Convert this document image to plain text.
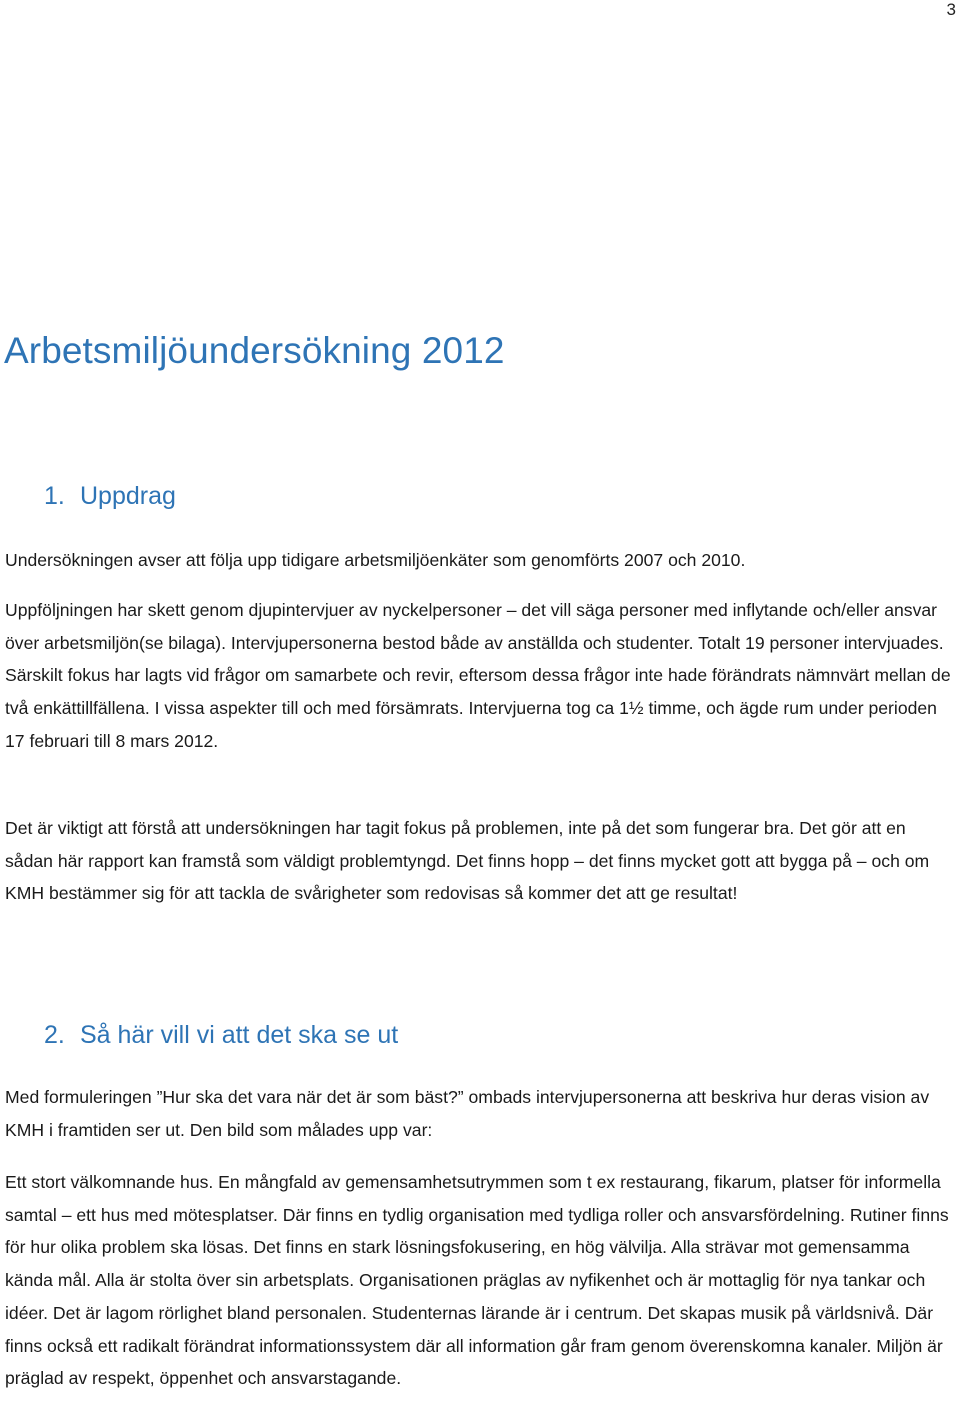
3
Arbetsmiljöundersökning 2012
1. Uppdrag

Undersökningen avser att följa upp tidigare arbetsmiljöenkäter som genomförts 2007 och 2010.

Uppföljningen har skett genom djupintervjuer av nyckelpersoner – det vill säga personer med inflytande och/eller ansvar över arbetsmiljön(se bilaga). Intervjupersonerna bestod både av anställda och studenter. Totalt 19 personer intervjuades. Särskilt fokus har lagts vid frågor om samarbete och revir, eftersom dessa frågor inte hade förändrats nämnvärt mellan de två enkättillfällena. I vissa aspekter till och med försämrats. Intervjuerna tog ca 1½ timme, och ägde rum under perioden 17 februari till 8 mars 2012.

Det är viktigt att förstå att undersökningen har tagit fokus på problemen, inte på det som fungerar bra. Det gör att en sådan här rapport kan framstå som väldigt problemtyngd. Det finns hopp – det finns mycket gott att bygga på – och om KMH bestämmer sig för att tackla de svårigheter som redovisas så kommer det att ge resultat!

2. Så här vill vi att det ska se ut

Med formuleringen ”Hur ska det vara när det är som bäst?” ombads intervjupersonerna att beskriva hur deras vision av KMH i framtiden ser ut. Den bild som målades upp var:

Ett stort välkomnande hus. En mångfald av gemensamhetsutrymmen som t ex restaurang, fikarum, platser för informella samtal – ett hus med mötesplatser. Där finns en tydlig organisation med tydliga roller och ansvarsfördelning. Rutiner finns för hur olika problem ska lösas. Det finns en stark lösningsfokusering, en hög välvilja. Alla strävar mot gemensamma kända mål. Alla är stolta över sin arbetsplats. Organisationen präglas av nyfikenhet och är mottaglig för nya tankar och idéer. Det är lagom rörlighet bland personalen. Studenternas lärande är i centrum. Det skapas musik på världsnivå. Där finns också ett radikalt förändrat informationssystem där all information går fram genom överenskomna kanaler. Miljön är präglad av respekt, öppenhet och ansvarstagande.
